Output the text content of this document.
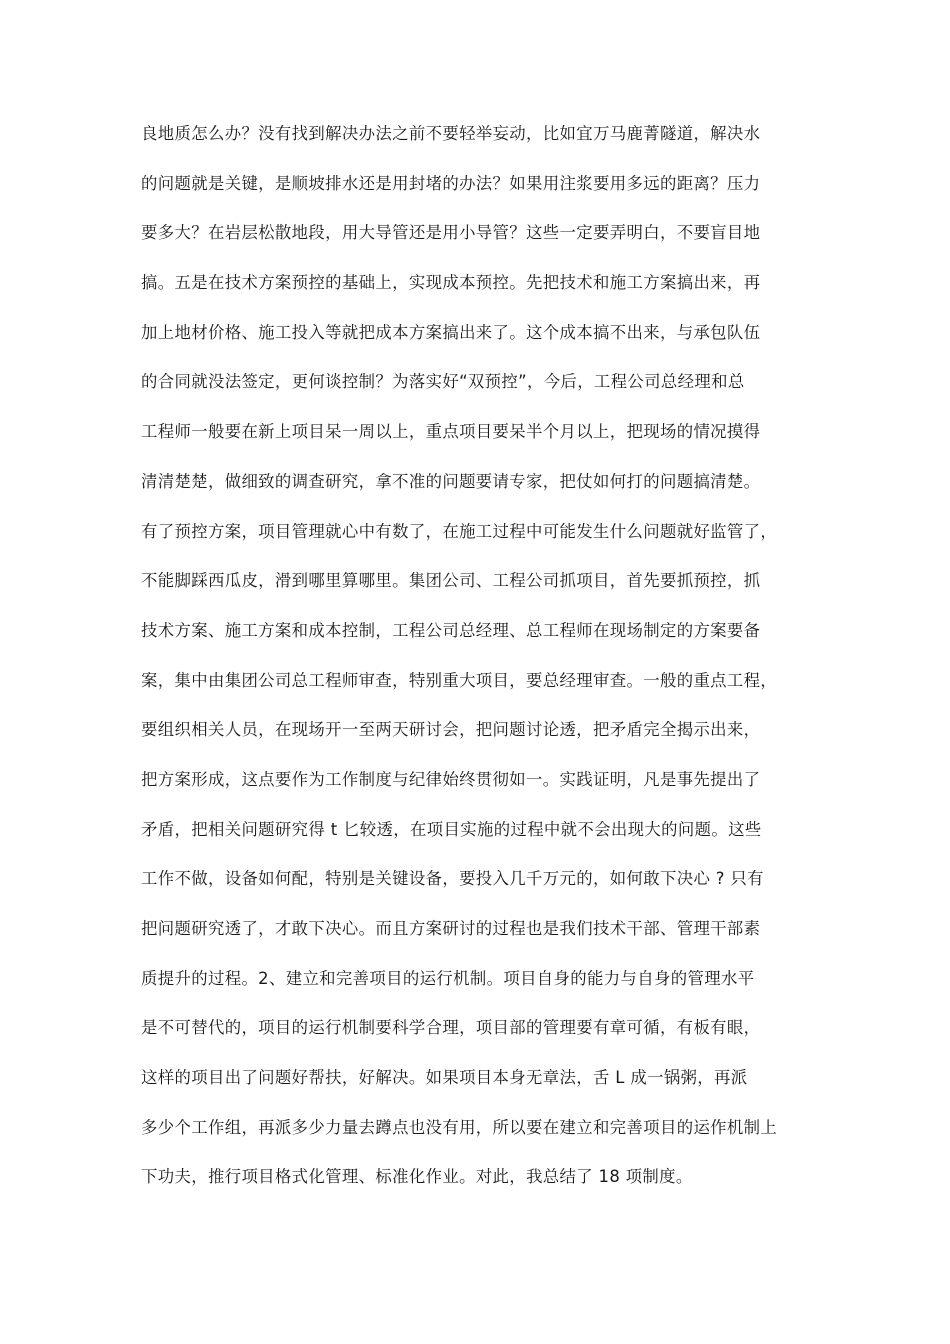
良地质怎么办？没有找到解决办法之前不要轻举妄动，比如宜万马鹿菁隧道，解决水
的问题就是关键，是顺坡排水还是用封堵的办法？如果用注浆要用多远的距离？压力
要多大？在岩层松散地段，用大导管还是用小导管？这些一定要弄明白，不要盲目地
搞。五是在技术方案预控的基础上，实现成本预控。先把技术和施工方案搞出来，再
加上地材价格、施工投入等就把成本方案搞出来了。这个成本搞不出来，与承包队伍
的合同就没法签定，更何谈控制？为落实好“双预控”，今后，工程公司总经理和总
工程师一般要在新上项目呆一周以上，重点项目要呆半个月以上，把现场的情况摸得
清清楚楚，做细致的调查研究，拿不准的问题要请专家，把仗如何打的问题搞清楚。
有了预控方案，项目管理就心中有数了，在施工过程中可能发生什么问题就好监管了，
不能脚踩西瓜皮，滑到哪里算哪里。集团公司、工程公司抓项目，首先要抓预控，抓
技术方案、施工方案和成本控制，工程公司总经理、总工程师在现场制定的方案要备
案，集中由集团公司总工程师审查，特别重大项目，要总经理审查。一般的重点工程，
要组织相关人员，在现场开一至两天研讨会，把问题讨论透，把矛盾完全揭示出来，
把方案形成，这点要作为工作制度与纪律始终贯彻如一。实践证明，凡是事先提出了
矛盾，把相关问题研究得 t 匕较透，在项目实施的过程中就不会出现大的问题。这些
工作不做，设备如何配，特别是关键设备，要投入几千万元的，如何敢下决心 ? 只有
把问题研究透了，才敢下决心。而且方案研讨的过程也是我们技术干部、管理干部素
质提升的过程。2、建立和完善项目的运行机制。项目自身的能力与自身的管理水平
是不可替代的，项目的运行机制要科学合理，项目部的管理要有章可循，有板有眼，
这样的项目出了问题好帮扶，好解决。如果项目本身无章法，舌 L 成一锅粥，再派
多少个工作组，再派多少力量去蹲点也没有用，所以要在建立和完善项目的运作机制上
下功夫，推行项目格式化管理、标准化作业。对此，我总结了 18 项制度。
